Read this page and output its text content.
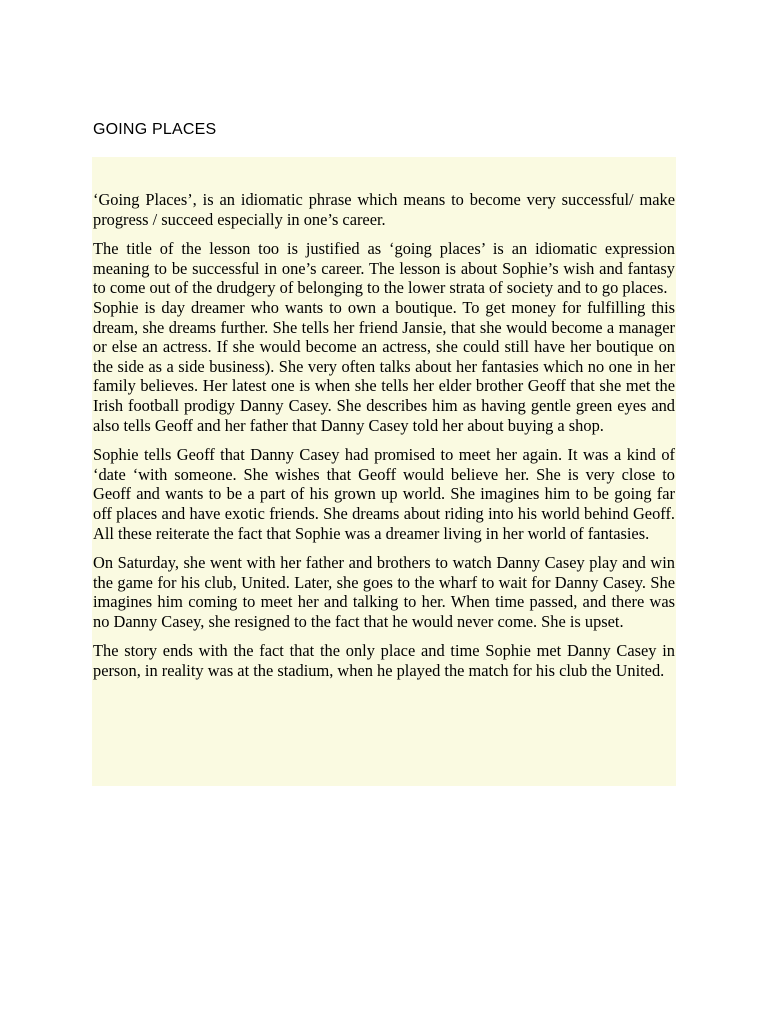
GOING PLACES

‘Going Places’, is an idiomatic phrase which means to become very successful/ make progress / succeed especially in one’s career.

The title of the lesson too is justified as ‘going places’ is an idiomatic expression meaning to be successful in one’s career. The lesson is about Sophie’s wish and fantasy to come out of the drudgery of belonging to the lower strata of society and to go places.

Sophie is day dreamer who wants to own a boutique. To get money for fulfilling this dream, she dreams further. She tells her friend Jansie, that she would become a manager or else an actress. If she would become an actress, she could still have her boutique on the side as a side business). She very often talks about her fantasies which no one in her family believes. Her latest one is when she tells her elder brother Geoff that she met the Irish football prodigy Danny Casey. She describes him as having gentle green eyes and also tells Geoff and her father that Danny Casey told her about buying a shop.

Sophie tells Geoff that Danny Casey had promised to meet her again. It was a kind of ‘date ‘with someone. She wishes that Geoff would believe her. She is very close to Geoff and wants to be a part of his grown up world. She imagines him to be going far off places and have exotic friends. She dreams about riding into his world behind Geoff. All these reiterate the fact that Sophie was a dreamer living in her world of fantasies.

On Saturday, she went with her father and brothers to watch Danny Casey play and win the game for his club, United. Later, she goes to the wharf to wait for Danny Casey. She imagines him coming to meet her and talking to her. When time passed, and there was no Danny Casey, she resigned to the fact that he would never come. She is upset.

The story ends with the fact that the only place and time Sophie met Danny Casey in person, in reality was at the stadium, when he played the match for his club the United.
